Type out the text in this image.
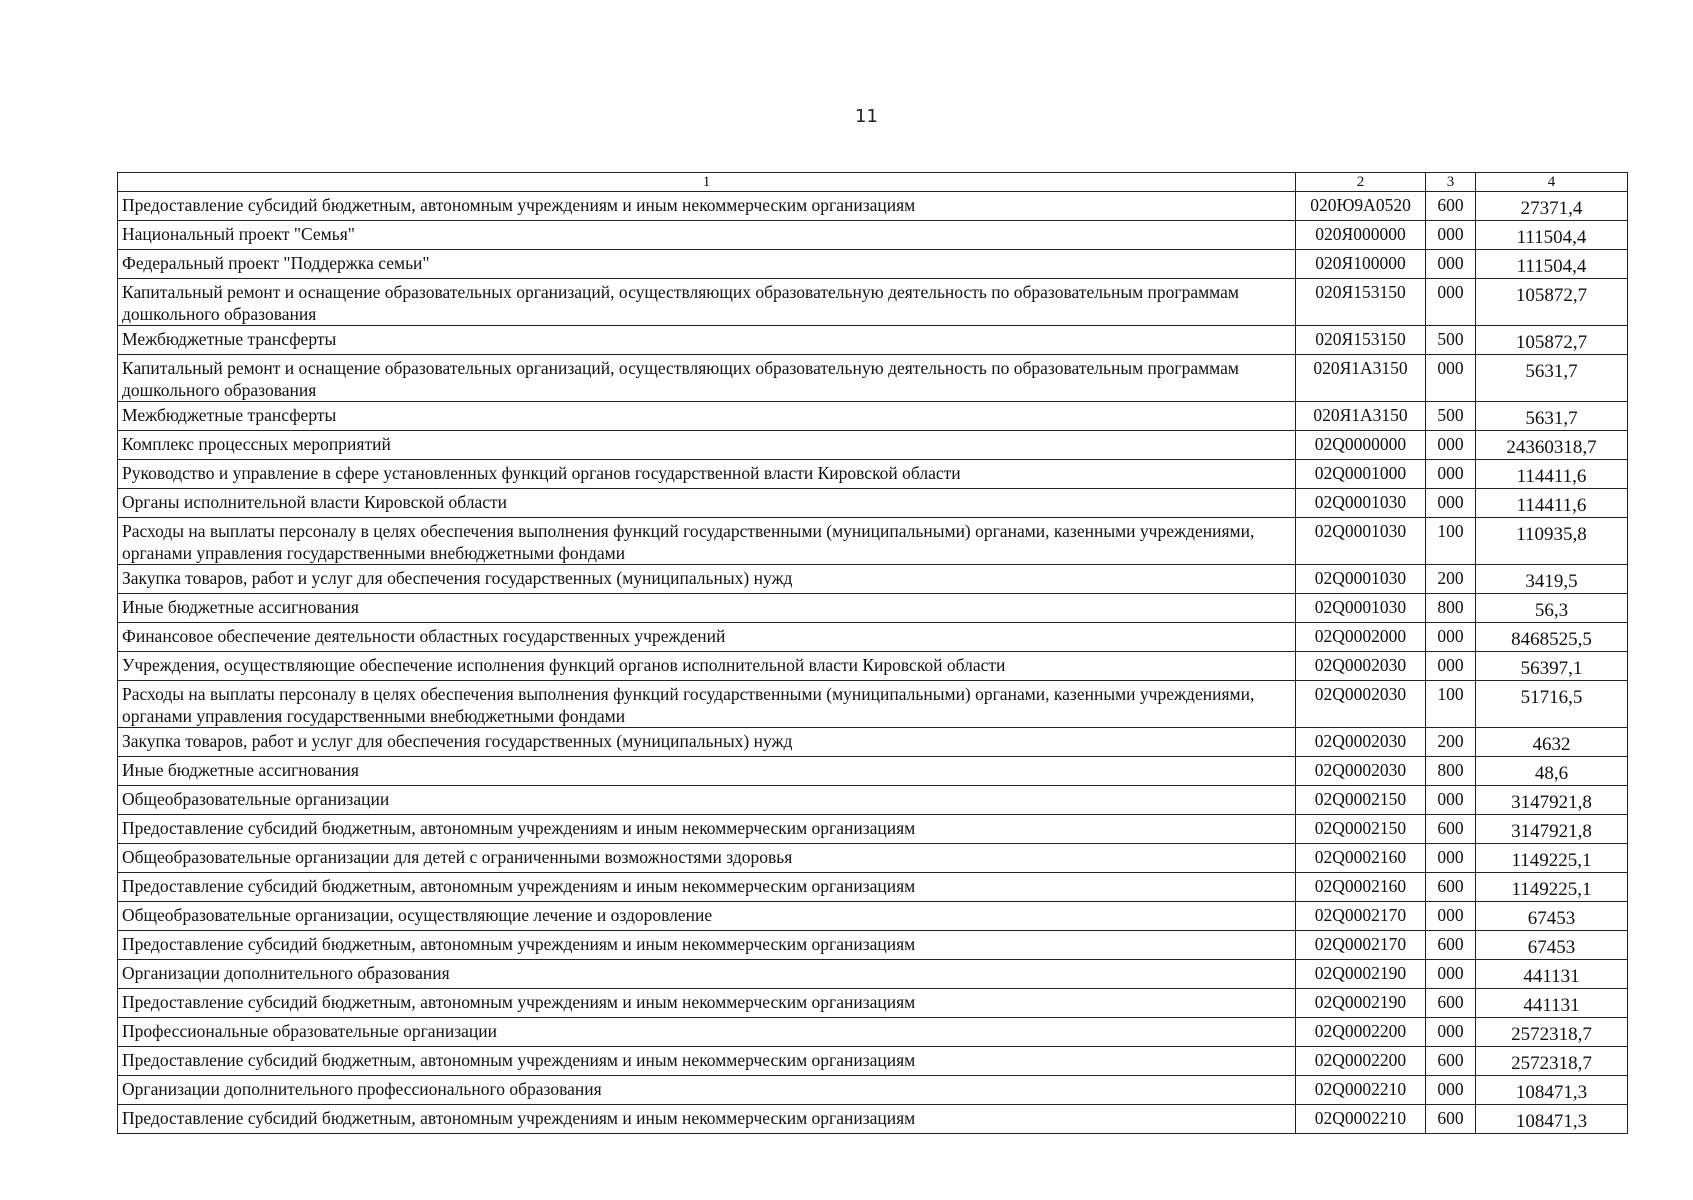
11
1	2	3	4
Предоставление субсидий бюджетным, автономным учреждениям и иным некоммерческим организациям	020Ю9А0520	600	27371,4
Национальный проект "Семья"	020Я000000	000	111504,4
Федеральный проект "Поддержка семьи"	020Я100000	000	111504,4
Капитальный ремонт и оснащение образовательных организаций, осуществляющих образовательную деятельность по образовательным программам дошкольного образования	020Я153150	000	105872,7
Межбюджетные трансферты	020Я153150	500	105872,7
Капитальный ремонт и оснащение образовательных организаций, осуществляющих образовательную деятельность по образовательным программам дошкольного образования	020Я1А3150	000	5631,7
Межбюджетные трансферты	020Я1А3150	500	5631,7
Комплекс процессных мероприятий	02Q0000000	000	24360318,7
Руководство и управление в сфере установленных функций органов государственной власти Кировской области	02Q0001000	000	114411,6
Органы исполнительной власти Кировской области	02Q0001030	000	114411,6
Расходы на выплаты персоналу в целях обеспечения выполнения функций государственными (муниципальными) органами, казенными учреждениями, органами управления государственными внебюджетными фондами	02Q0001030	100	110935,8
Закупка товаров, работ и услуг для обеспечения государственных (муниципальных) нужд	02Q0001030	200	3419,5
Иные бюджетные ассигнования	02Q0001030	800	56,3
Финансовое обеспечение деятельности областных государственных учреждений	02Q0002000	000	8468525,5
Учреждения, осуществляющие обеспечение исполнения функций органов исполнительной власти Кировской области	02Q0002030	000	56397,1
Расходы на выплаты персоналу в целях обеспечения выполнения функций государственными (муниципальными) органами, казенными учреждениями, органами управления государственными внебюджетными фондами	02Q0002030	100	51716,5
Закупка товаров, работ и услуг для обеспечения государственных (муниципальных) нужд	02Q0002030	200	4632
Иные бюджетные ассигнования	02Q0002030	800	48,6
Общеобразовательные организации	02Q0002150	000	3147921,8
Предоставление субсидий бюджетным, автономным учреждениям и иным некоммерческим организациям	02Q0002150	600	3147921,8
Общеобразовательные организации для детей с ограниченными возможностями здоровья	02Q0002160	000	1149225,1
Предоставление субсидий бюджетным, автономным учреждениям и иным некоммерческим организациям	02Q0002160	600	1149225,1
Общеобразовательные организации, осуществляющие лечение и оздоровление	02Q0002170	000	67453
Предоставление субсидий бюджетным, автономным учреждениям и иным некоммерческим организациям	02Q0002170	600	67453
Организации дополнительного образования	02Q0002190	000	441131
Предоставление субсидий бюджетным, автономным учреждениям и иным некоммерческим организациям	02Q0002190	600	441131
Профессиональные образовательные организации	02Q0002200	000	2572318,7
Предоставление субсидий бюджетным, автономным учреждениям и иным некоммерческим организациям	02Q0002200	600	2572318,7
Организации дополнительного профессионального образования	02Q0002210	000	108471,3
Предоставление субсидий бюджетным, автономным учреждениям и иным некоммерческим организациям	02Q0002210	600	108471,3
